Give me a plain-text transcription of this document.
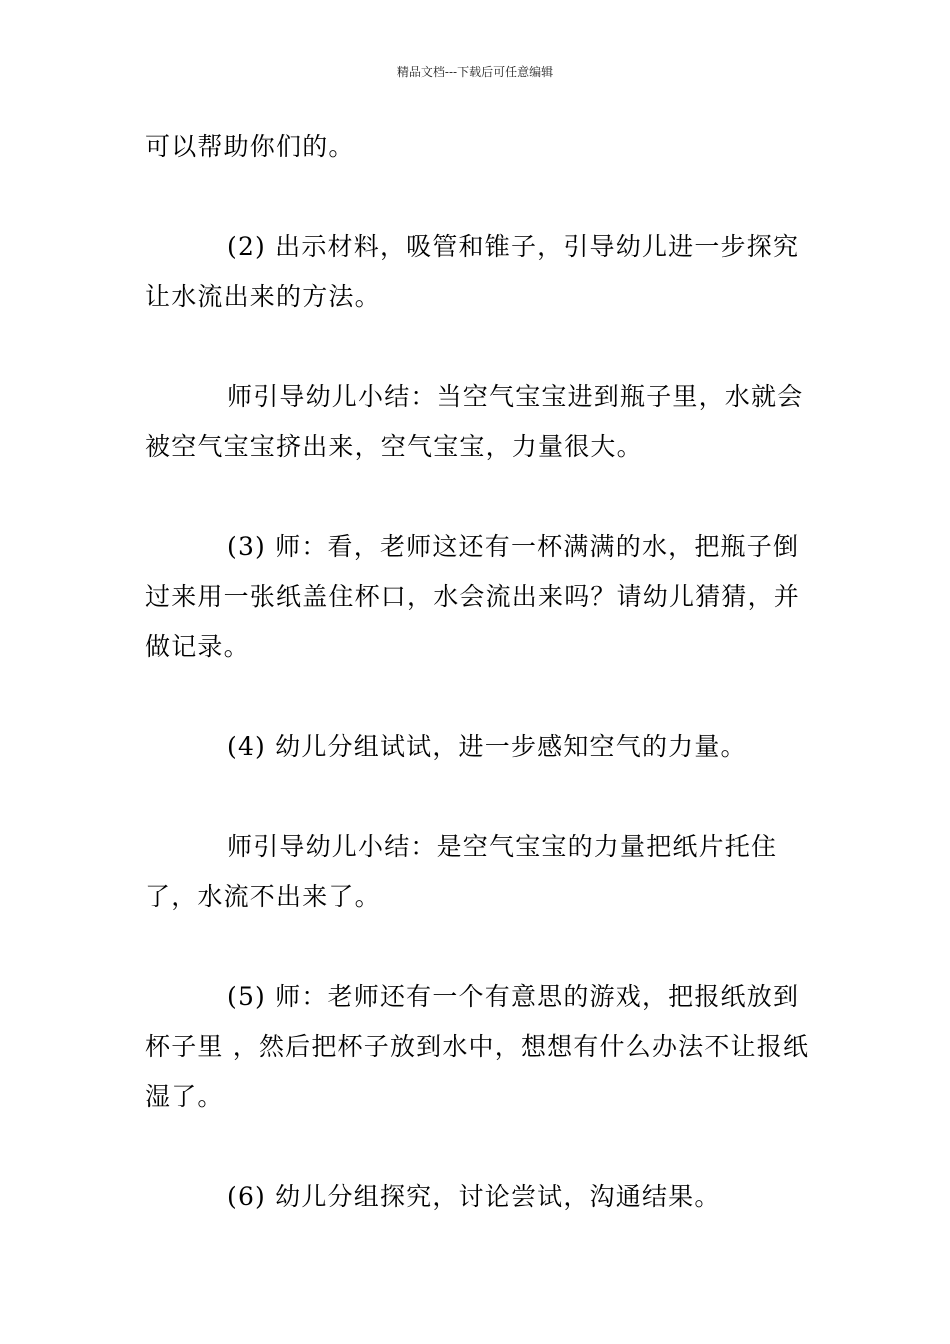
精品文档---下载后可任意编辑

可以帮助你们的。

(2) 出示材料，吸管和锥子，引导幼儿进一步探究让水流出来的方法。

师引导幼儿小结：当空气宝宝进到瓶子里，水就会被空气宝宝挤出来，空气宝宝，力量很大。

(3) 师：看，老师这还有一杯满满的水，把瓶子倒过来用一张纸盖住杯口，水会流出来吗？请幼儿猜猜，并做记录。

(4) 幼儿分组试试，进一步感知空气的力量。

师引导幼儿小结：是空气宝宝的力量把纸片托住了，水流不出来了。

(5) 师：老师还有一个有意思的游戏，把报纸放到杯子里 ，然后把杯子放到水中，想想有什么办法不让报纸湿了。

(6) 幼儿分组探究，讨论尝试，沟通结果。
